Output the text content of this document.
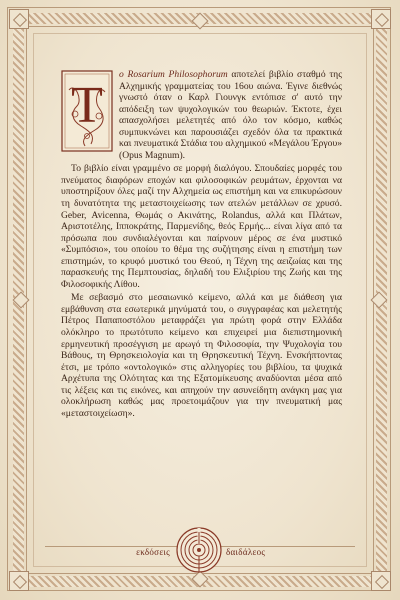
Τ
ο Rosarium Philosophorum αποτελεί βιβλίο σταθμό της Αλχημικής γραμματείας του 16ου αιώνα. Έγινε διεθνώς γνωστό όταν ο Καρλ Γιουνγκ εντόπισε σ' αυτό την απόδειξη των ψυχολογικών του θεωριών. Έκτοτε, έχει απασχολήσει μελετητές από όλο τον κόσμο, καθώς συμπυκνώνει και παρουσιάζει σχεδόν όλα τα πρακτικά και πνευματικά Στάδια του αλχημικού «Μεγάλου Έργου» (Opus Magnum).

Το βιβλίο είναι γραμμένο σε μορφή διαλόγου. Σπουδαίες μορφές του πνεύματος διαφόρων εποχών και φιλοσοφικών ρευμάτων, έρχονται να υποστηρίξουν όλες μαζί την Αλχημεία ως επιστήμη και να επικυρώσουν τη δυνατότητα της μεταστοιχείωσης των ατελών μετάλλων σε χρυσό. Geber, Avicenna, Θωμάς ο Ακινάτης, Rolandus, αλλά και Πλάτων, Αριστοτέλης, Ιπποκράτης, Παρμενίδης, θεός Ερμής... είναι λίγα από τα πρόσωπα που συνδιαλέγονται και παίρνουν μέρος σε ένα μυστικό «Συμπόσιο», του οποίου το θέμα της συζήτησης είναι η επιστήμη των επιστημών, το κρυφό μυστικό του Θεού, η Τέχνη της αειζωίας και της παρασκευής της Πεμπτουσίας, δηλαδή του Ελιξιρίου της Ζωής και της Φιλοσοφικής Λίθου.

Με σεβασμό στο μεσαιωνικό κείμενο, αλλά και με διάθεση για εμβάθυνση στα εσωτερικά μηνύματά του, ο συγγραφέας και μελετητής Πέτρος Παπαποστόλου μεταφράζει για πρώτη φορά στην Ελλάδα ολόκληρο το πρωτότυπο κείμενο και επιχειρεί μια διεπιστημονική ερμηνευτική προσέγγιση με αρωγό τη Φιλοσοφία, την Ψυχολογία του Βάθους, τη Θρησκειολογία και τη Θρησκευτική Τέχνη. Ενσκήπτοντας έτσι, με τρόπο «οντολογικό» στις αλληγορίες του βιβλίου, τα ψυχικά Αρχέτυπα της Ολότητας και της Εξατομίκευσης αναδύονται μέσα από τις λέξεις και τις εικόνες, και απηχούν την ασυνείδητη ανάγκη μας για ολοκλήρωση καθώς μας προετοιμάζουν για την πνευματική μας «μεταστοιχείωση».

εκδόσεις	δαιδάλεος
